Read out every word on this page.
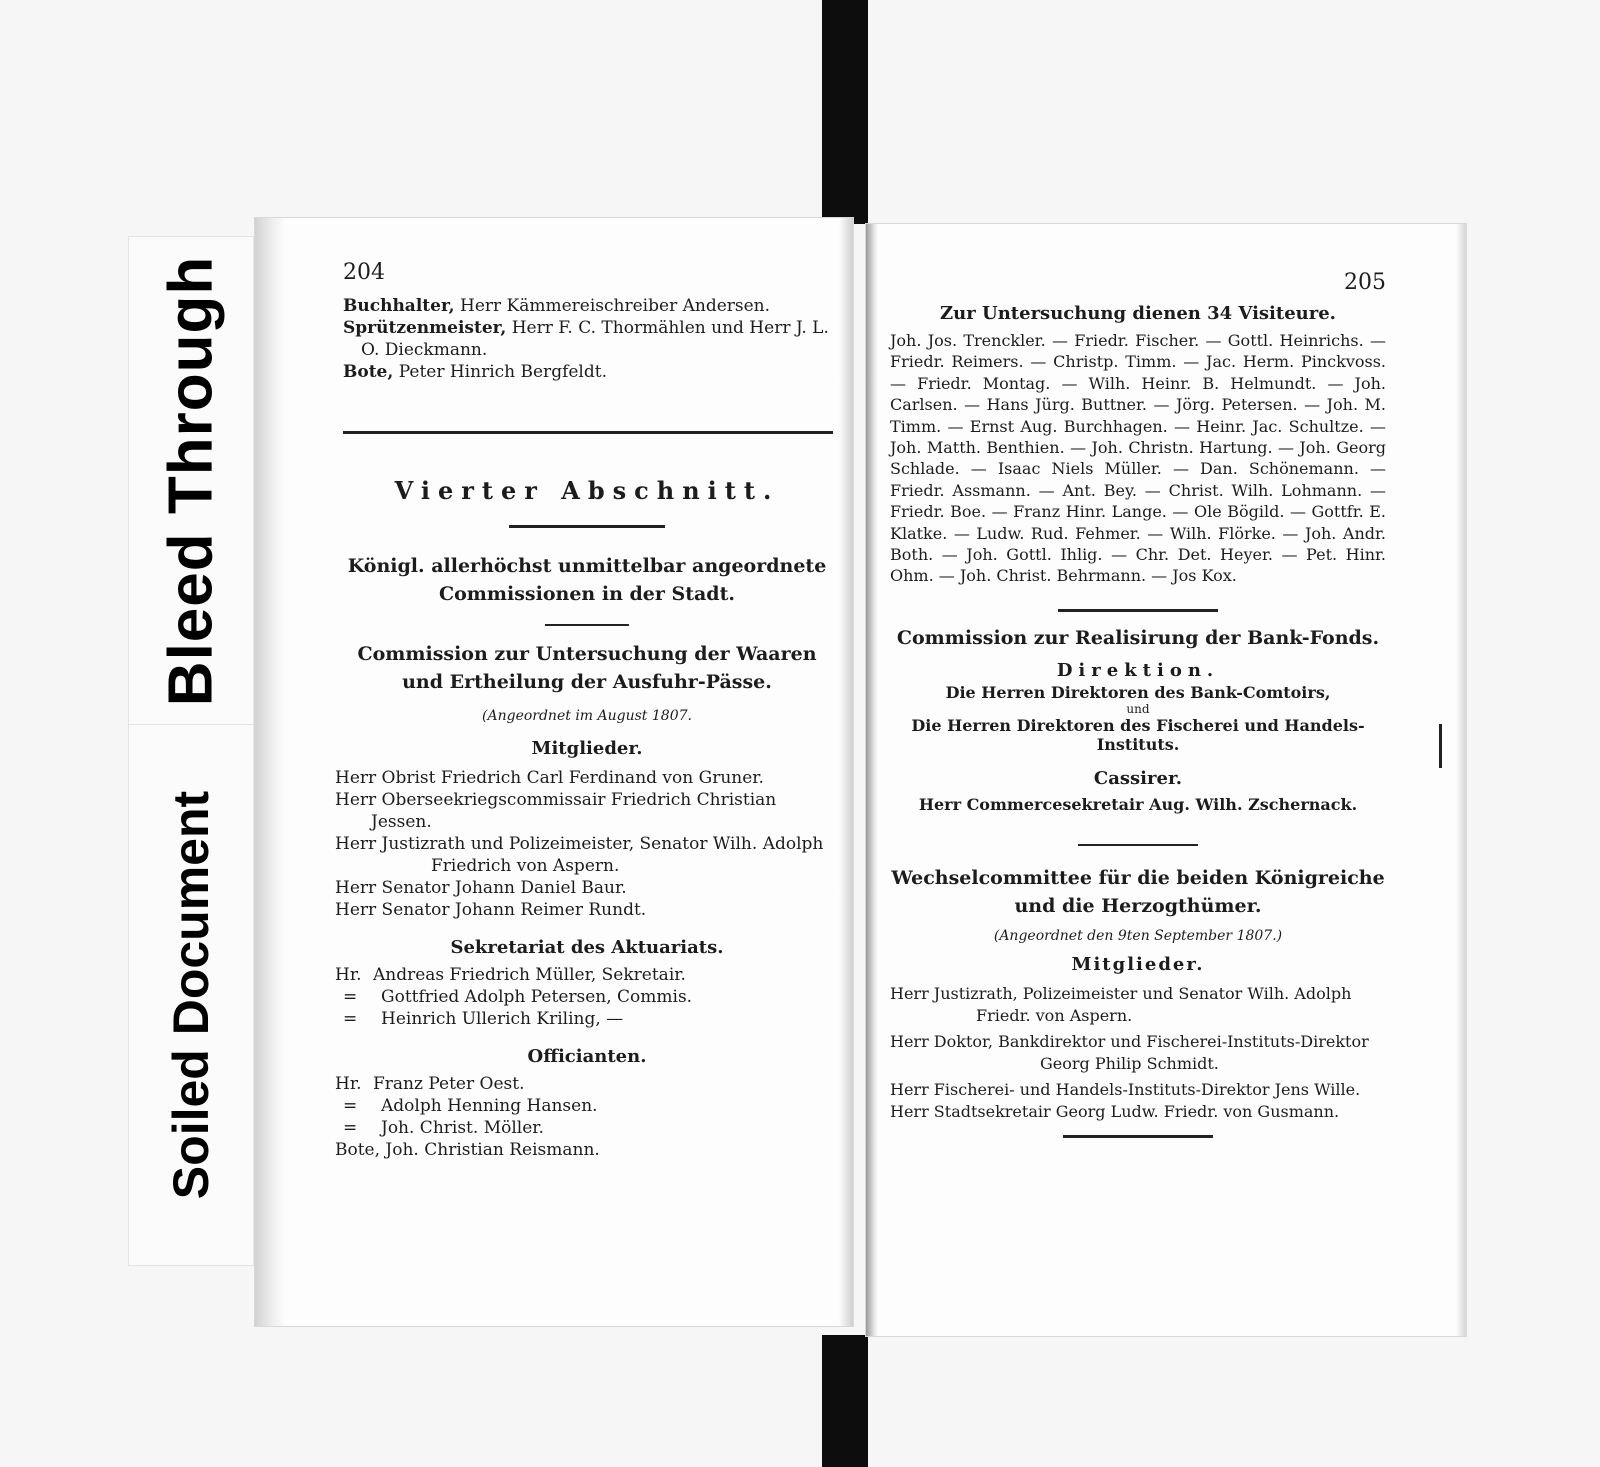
Bleed Through
Soiled Document
204
Buchhalter, Herr Kämmereischreiber Andersen.
Sprützenmeister, Herr F. C. Thormählen und Herr J. L. O. Dieckmann.
Bote, Peter Hinrich Bergfeldt.
Vierter Abschnitt.
Königl. allerhöchst unmittelbar angeordnete Commissionen in der Stadt.
Commission zur Untersuchung der Waaren und Ertheilung der Ausfuhr-Pässe.
(Angeordnet im August 1807.
Mitglieder.
Herr Obrist Friedrich Carl Ferdinand von Gruner.
Herr Oberseekriegscommissair Friedrich Christian Jessen.
Herr Justizrath und Polizeimeister, Senator Wilh. Adolph
Friedrich von Aspern.
Herr Senator Johann Daniel Baur.
Herr Senator Johann Reimer Rundt.
Sekretariat des Aktuariats.
Hr. Andreas Friedrich Müller, Sekretair.
=	Gottfried Adolph Petersen, Commis.
=	Heinrich Ullerich Kriling, —
Officianten.
Hr. Franz Peter Oest.
=	Adolph Henning Hansen.
=	Joh. Christ. Möller.
Bote, Joh. Christian Reismann.
205
Zur Untersuchung dienen 34 Visiteure.
Joh. Jos. Trenckler. — Friedr. Fischer. — Gottl. Heinrichs. — Friedr. Reimers. — Christp. Timm. — Jac. Herm. Pinckvoss. — Friedr. Montag. — Wilh. Heinr. B. Helmundt. — Joh. Carlsen. — Hans Jürg. Buttner. — Jörg. Petersen. — Joh. M. Timm. — Ernst Aug. Burchhagen. — Heinr. Jac. Schultze. — Joh. Matth. Benthien. — Joh. Christn. Hartung. — Joh. Georg Schlade. — Isaac Niels Müller. — Dan. Schönemann. — Friedr. Assmann. — Ant. Bey. — Christ. Wilh. Lohmann. — Friedr. Boe. — Franz Hinr. Lange. — Ole Bögild. — Gottfr. E. Klatke. — Ludw. Rud. Fehmer. — Wilh. Flörke. — Joh. Andr. Both. — Joh. Gottl. Ihlig. — Chr. Det. Heyer. — Pet. Hinr. Ohm. — Joh. Christ. Behrmann. — Jos Kox.
Commission zur Realisirung der Bank-Fonds.
Direktion.
Die Herren Direktoren des Bank-Comtoirs,
und
Die Herren Direktoren des Fischerei und Handels-Instituts.
Cassirer.
Herr Commercesekretair Aug. Wilh. Zschernack.
Wechselcommittee für die beiden Königreiche und die Herzogthümer.
(Angeordnet den 9ten September 1807.)
Mitglieder.
Herr Justizrath, Polizeimeister und Senator Wilh. Adolph Friedr. von Aspern.
Herr Doktor, Bankdirektor und Fischerei-Instituts-Direktor Georg Philip Schmidt.
Herr Fischerei- und Handels-Instituts-Direktor Jens Wille.
Herr Stadtsekretair Georg Ludw. Friedr. von Gusmann.
